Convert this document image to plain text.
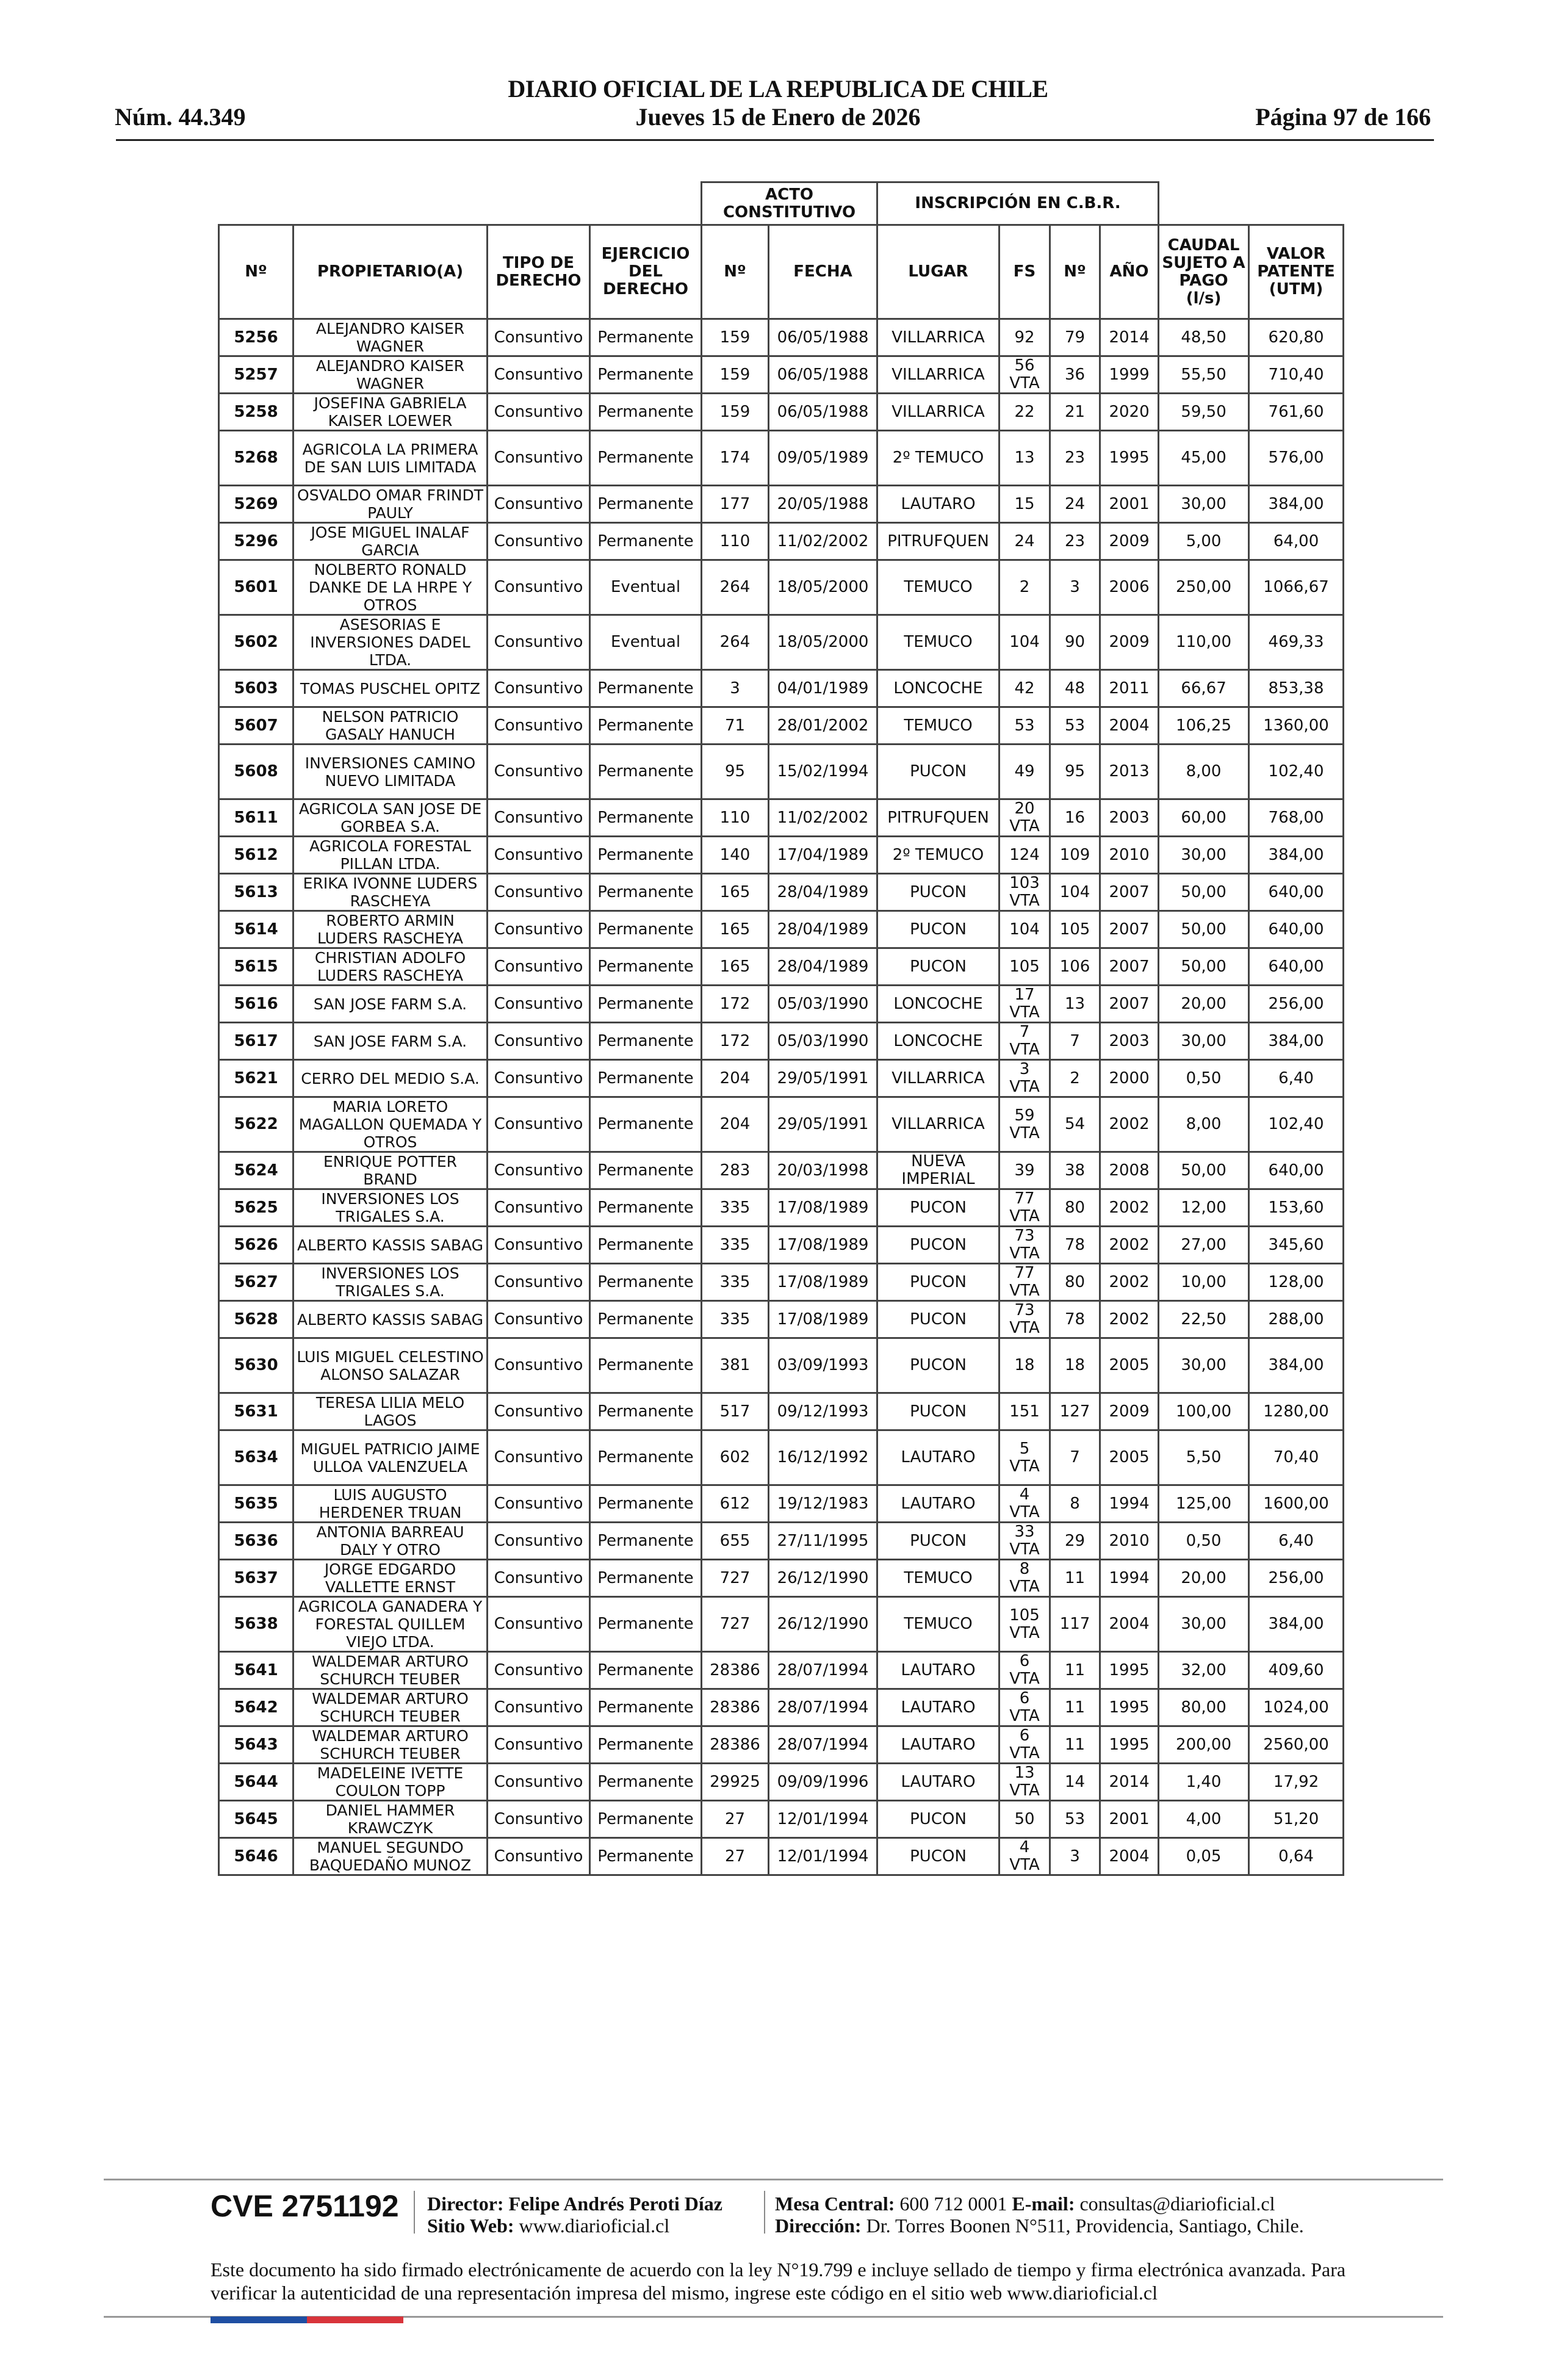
DIARIO OFICIAL DE LA REPUBLICA DE CHILE
Núm. 44.349	Jueves 15 de Enero de 2026	Página 97 de 166
				ACTO CONSTITUTIVO		INSCRIPCIÓN EN C.B.R.					
Nº	PROPIETARIO(A)	TIPO DE DERECHO	EJERCICIO DEL DERECHO	Nº	FECHA	LUGAR	FS	Nº	AÑO	CAUDAL SUJETO A PAGO (l/s)	VALOR PATENTE (UTM)
5256	ALEJANDRO KAISER WAGNER	Consuntivo	Permanente	159	06/05/1988	VILLARRICA	92	79	2014	48,50	620,80
5257	ALEJANDRO KAISER WAGNER	Consuntivo	Permanente	159	06/05/1988	VILLARRICA	56 VTA	36	1999	55,50	710,40
5258	JOSEFINA GABRIELA KAISER LOEWER	Consuntivo	Permanente	159	06/05/1988	VILLARRICA	22	21	2020	59,50	761,60
5268	AGRICOLA LA PRIMERA DE SAN LUIS LIMITADA	Consuntivo	Permanente	174	09/05/1989	2º TEMUCO	13	23	1995	45,00	576,00
5269	OSVALDO OMAR FRINDT PAULY	Consuntivo	Permanente	177	20/05/1988	LAUTARO	15	24	2001	30,00	384,00
5296	JOSE MIGUEL INALAF GARCIA	Consuntivo	Permanente	110	11/02/2002	PITRUFQUEN	24	23	2009	5,00	64,00
5601	NOLBERTO RONALD DANKE DE LA HRPE Y OTROS	Consuntivo	Eventual	264	18/05/2000	TEMUCO	2	3	2006	250,00	1066,67
5602	ASESORIAS E INVERSIONES DADEL LTDA.	Consuntivo	Eventual	264	18/05/2000	TEMUCO	104	90	2009	110,00	469,33
5603	TOMAS PUSCHEL OPITZ	Consuntivo	Permanente	3	04/01/1989	LONCOCHE	42	48	2011	66,67	853,38
5607	NELSON PATRICIO GASALY HANUCH	Consuntivo	Permanente	71	28/01/2002	TEMUCO	53	53	2004	106,25	1360,00
5608	INVERSIONES CAMINO NUEVO LIMITADA	Consuntivo	Permanente	95	15/02/1994	PUCON	49	95	2013	8,00	102,40
5611	AGRICOLA SAN JOSE DE GORBEA S.A.	Consuntivo	Permanente	110	11/02/2002	PITRUFQUEN	20 VTA	16	2003	60,00	768,00
5612	AGRICOLA FORESTAL PILLAN LTDA.	Consuntivo	Permanente	140	17/04/1989	2º TEMUCO	124	109	2010	30,00	384,00
5613	ERIKA IVONNE LUDERS RASCHEYA	Consuntivo	Permanente	165	28/04/1989	PUCON	103 VTA	104	2007	50,00	640,00
5614	ROBERTO ARMIN LUDERS RASCHEYA	Consuntivo	Permanente	165	28/04/1989	PUCON	104	105	2007	50,00	640,00
5615	CHRISTIAN ADOLFO LUDERS RASCHEYA	Consuntivo	Permanente	165	28/04/1989	PUCON	105	106	2007	50,00	640,00
5616	SAN JOSE FARM S.A.	Consuntivo	Permanente	172	05/03/1990	LONCOCHE	17 VTA	13	2007	20,00	256,00
5617	SAN JOSE FARM S.A.	Consuntivo	Permanente	172	05/03/1990	LONCOCHE	7 VTA	7	2003	30,00	384,00
5621	CERRO DEL MEDIO S.A.	Consuntivo	Permanente	204	29/05/1991	VILLARRICA	3 VTA	2	2000	0,50	6,40
5622	MARIA LORETO MAGALLON QUEMADA Y OTROS	Consuntivo	Permanente	204	29/05/1991	VILLARRICA	59 VTA	54	2002	8,00	102,40
5624	ENRIQUE POTTER BRAND	Consuntivo	Permanente	283	20/03/1998	NUEVA IMPERIAL	39	38	2008	50,00	640,00
5625	INVERSIONES LOS TRIGALES S.A.	Consuntivo	Permanente	335	17/08/1989	PUCON	77 VTA	80	2002	12,00	153,60
5626	ALBERTO KASSIS SABAG	Consuntivo	Permanente	335	17/08/1989	PUCON	73 VTA	78	2002	27,00	345,60
5627	INVERSIONES LOS TRIGALES S.A.	Consuntivo	Permanente	335	17/08/1989	PUCON	77 VTA	80	2002	10,00	128,00
5628	ALBERTO KASSIS SABAG	Consuntivo	Permanente	335	17/08/1989	PUCON	73 VTA	78	2002	22,50	288,00
5630	LUIS MIGUEL CELESTINO ALONSO SALAZAR	Consuntivo	Permanente	381	03/09/1993	PUCON	18	18	2005	30,00	384,00
5631	TERESA LILIA MELO LAGOS	Consuntivo	Permanente	517	09/12/1993	PUCON	151	127	2009	100,00	1280,00
5634	MIGUEL PATRICIO JAIME ULLOA VALENZUELA	Consuntivo	Permanente	602	16/12/1992	LAUTARO	5 VTA	7	2005	5,50	70,40
5635	LUIS AUGUSTO HERDENER TRUAN	Consuntivo	Permanente	612	19/12/1983	LAUTARO	4 VTA	8	1994	125,00	1600,00
5636	ANTONIA BARREAU DALY Y OTRO	Consuntivo	Permanente	655	27/11/1995	PUCON	33 VTA	29	2010	0,50	6,40
5637	JORGE EDGARDO VALLETTE ERNST	Consuntivo	Permanente	727	26/12/1990	TEMUCO	8 VTA	11	1994	20,00	256,00
5638	AGRICOLA GANADERA Y FORESTAL QUILLEM VIEJO LTDA.	Consuntivo	Permanente	727	26/12/1990	TEMUCO	105 VTA	117	2004	30,00	384,00
5641	WALDEMAR ARTURO SCHURCH TEUBER	Consuntivo	Permanente	28386	28/07/1994	LAUTARO	6 VTA	11	1995	32,00	409,60
5642	WALDEMAR ARTURO SCHURCH TEUBER	Consuntivo	Permanente	28386	28/07/1994	LAUTARO	6 VTA	11	1995	80,00	1024,00
5643	WALDEMAR ARTURO SCHURCH TEUBER	Consuntivo	Permanente	28386	28/07/1994	LAUTARO	6 VTA	11	1995	200,00	2560,00
5644	MADELEINE IVETTE COULON TOPP	Consuntivo	Permanente	29925	09/09/1996	LAUTARO	13 VTA	14	2014	1,40	17,92
5645	DANIEL HAMMER KRAWCZYK	Consuntivo	Permanente	27	12/01/1994	PUCON	50	53	2001	4,00	51,20
5646	MANUEL SEGUNDO BAQUEDAÑO MUNOZ	Consuntivo	Permanente	27	12/01/1994	PUCON	4 VTA	3	2004	0,05	0,64
CVE 2751192 Director: Felipe Andrés Peroti Díaz
Sitio Web: www.diarioficial.cl
Mesa Central: 600 712 0001 E-mail: consultas@diarioficial.cl
Dirección: Dr. Torres Boonen N°511, Providencia, Santiago, Chile.
Este documento ha sido firmado electrónicamente de acuerdo con la ley N°19.799 e incluye sellado de tiempo y firma electrónica avanzada. Para verificar la autenticidad de una representación impresa del mismo, ingrese este código en el sitio web www.diarioficial.cl
